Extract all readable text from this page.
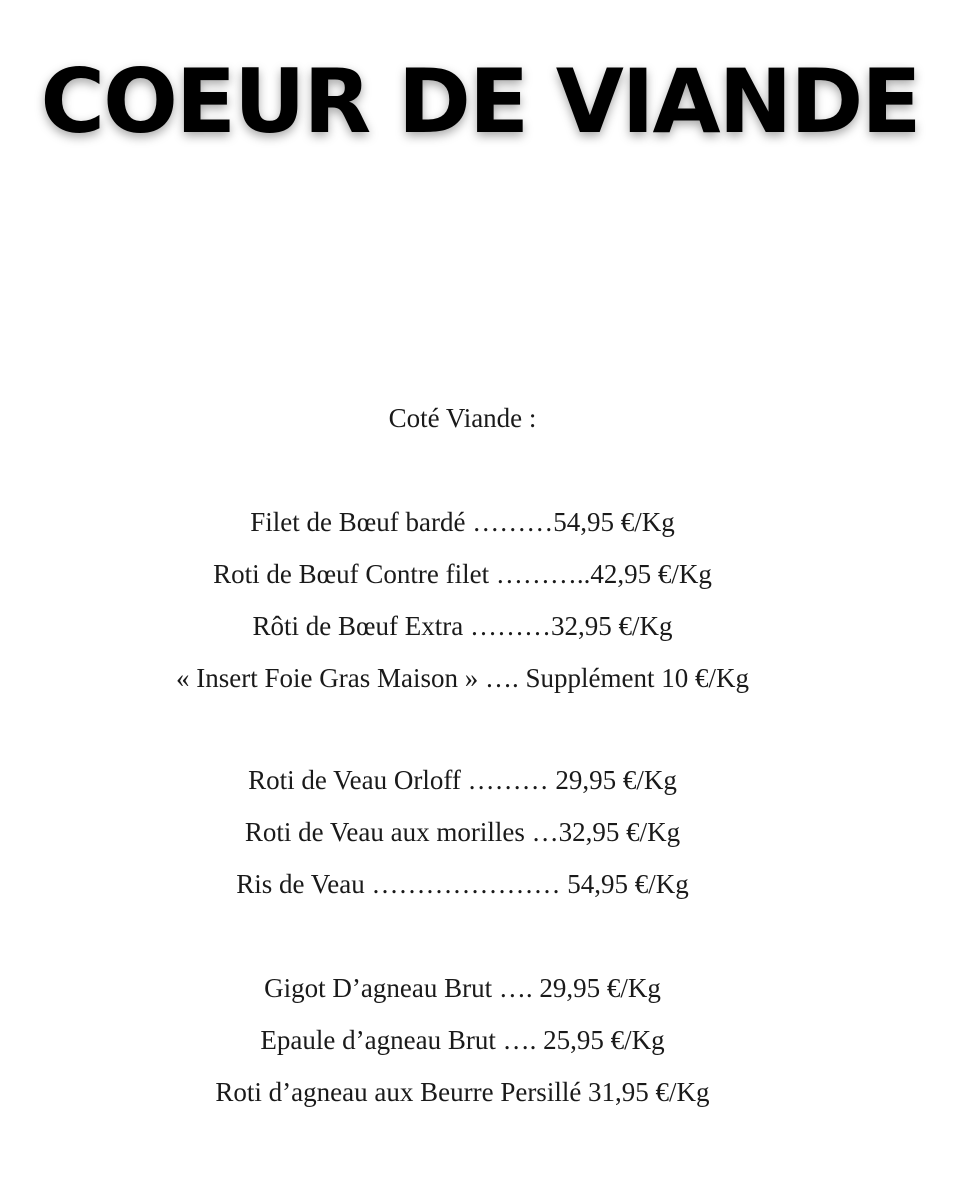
COEUR DE VIANDE
Coté Viande :
Filet de Bœuf bardé ………54,95 €/Kg
Roti de Bœuf Contre filet ………..42,95 €/Kg
Rôti de Bœuf Extra ………32,95 €/Kg
« Insert Foie Gras Maison » …. Supplément 10 €/Kg
Roti de Veau Orloff ……… 29,95 €/Kg
Roti de Veau aux morilles …32,95 €/Kg
Ris de Veau ………………… 54,95 €/Kg
Gigot D’agneau Brut …. 29,95 €/Kg
Epaule d’agneau Brut …. 25,95 €/Kg
Roti d’agneau aux Beurre Persillé 31,95 €/Kg
